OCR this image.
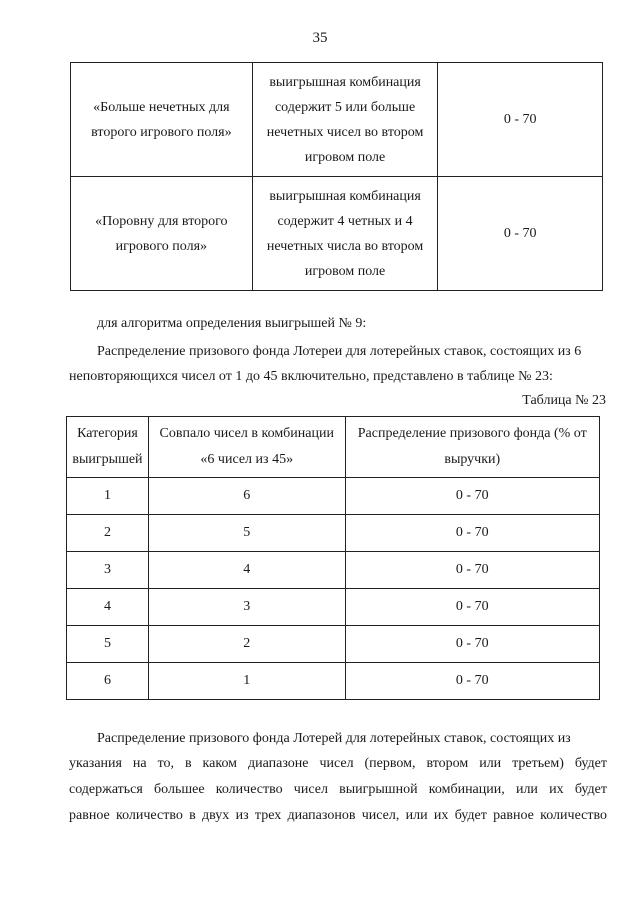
35
«Больше нечетных для второго игрового поля»	выигрышная комбинация содержит 5 или больше нечетных чисел во втором игровом поле	0 - 70
«Поровну для второго игрового поля»	выигрышная комбинация содержит 4 четных и 4 нечетных числа во втором игровом поле	0 - 70

для алгоритма определения выигрышей № 9:

Распределение призового фонда Лотереи для лотерейных ставок, состоящих из 6

неповторяющихся чисел от 1 до 45 включительно, представлено в таблице № 23:

Таблица № 23
Категория выигрышей	Совпало чисел в комбинации «6 чисел из 45»	Распределение призового фонда (% от выручки)
1	6	0 - 70
2	5	0 - 70
3	4	0 - 70
4	3	0 - 70
5	2	0 - 70
6	1	0 - 70

Распределение призового фонда Лотерей для лотерейных ставок, состоящих из

указания на то, в каком диапазоне чисел (первом, втором или третьем) будет

содержаться большее количество чисел выигрышной комбинации, или их будет

равное количество в двух из трех диапазонов чисел, или их будет равное количество
